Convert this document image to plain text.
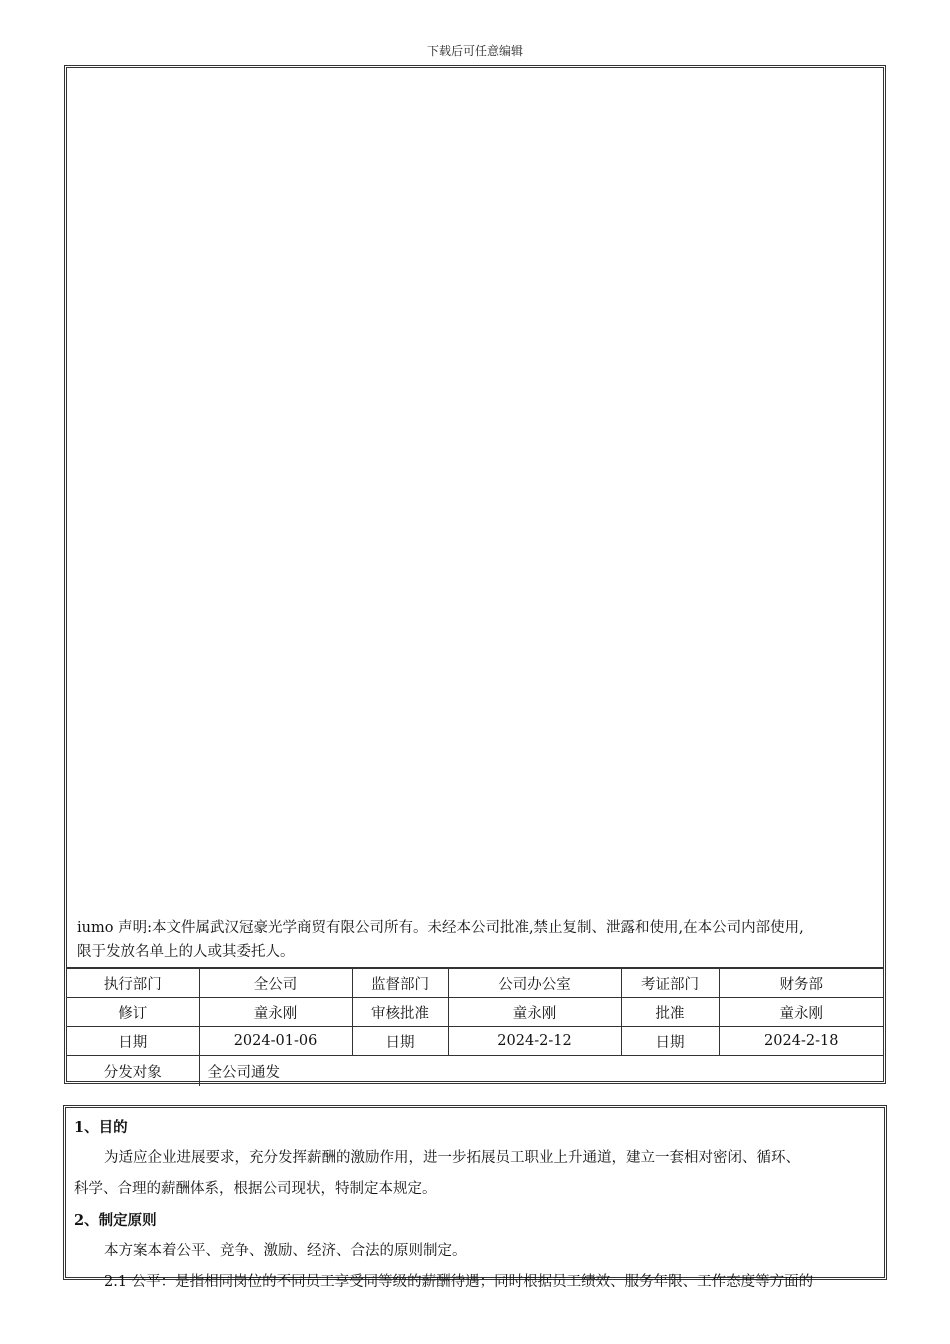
下载后可任意编辑
iumo 声明:本文件属武汉冠豪光学商贸有限公司所有。未经本公司批准,禁止复制、泄露和使用,在本公司内部使用,
限于发放名单上的人或其委托人。
执行部门	全公司	监督部门	公司办公室	考证部门	财务部
修订	童永刚	审核批准	童永刚	批准	童永刚
日期	2024-01-06	日期	2024-2-12	日期	2024-2-18
分发对象	全公司通发				

1、目的

为适应企业进展要求，充分发挥薪酬的激励作用，进一步拓展员工职业上升通道，建立一套相对密闭、循环、

科学、合理的薪酬体系，根据公司现状，特制定本规定。

2、制定原则

本方案本着公平、竞争、激励、经济、合法的原则制定。

2.1 公平：是指相同岗位的不同员工享受同等级的薪酬待遇；同时根据员工绩效、服务年限、工作态度等方面的
